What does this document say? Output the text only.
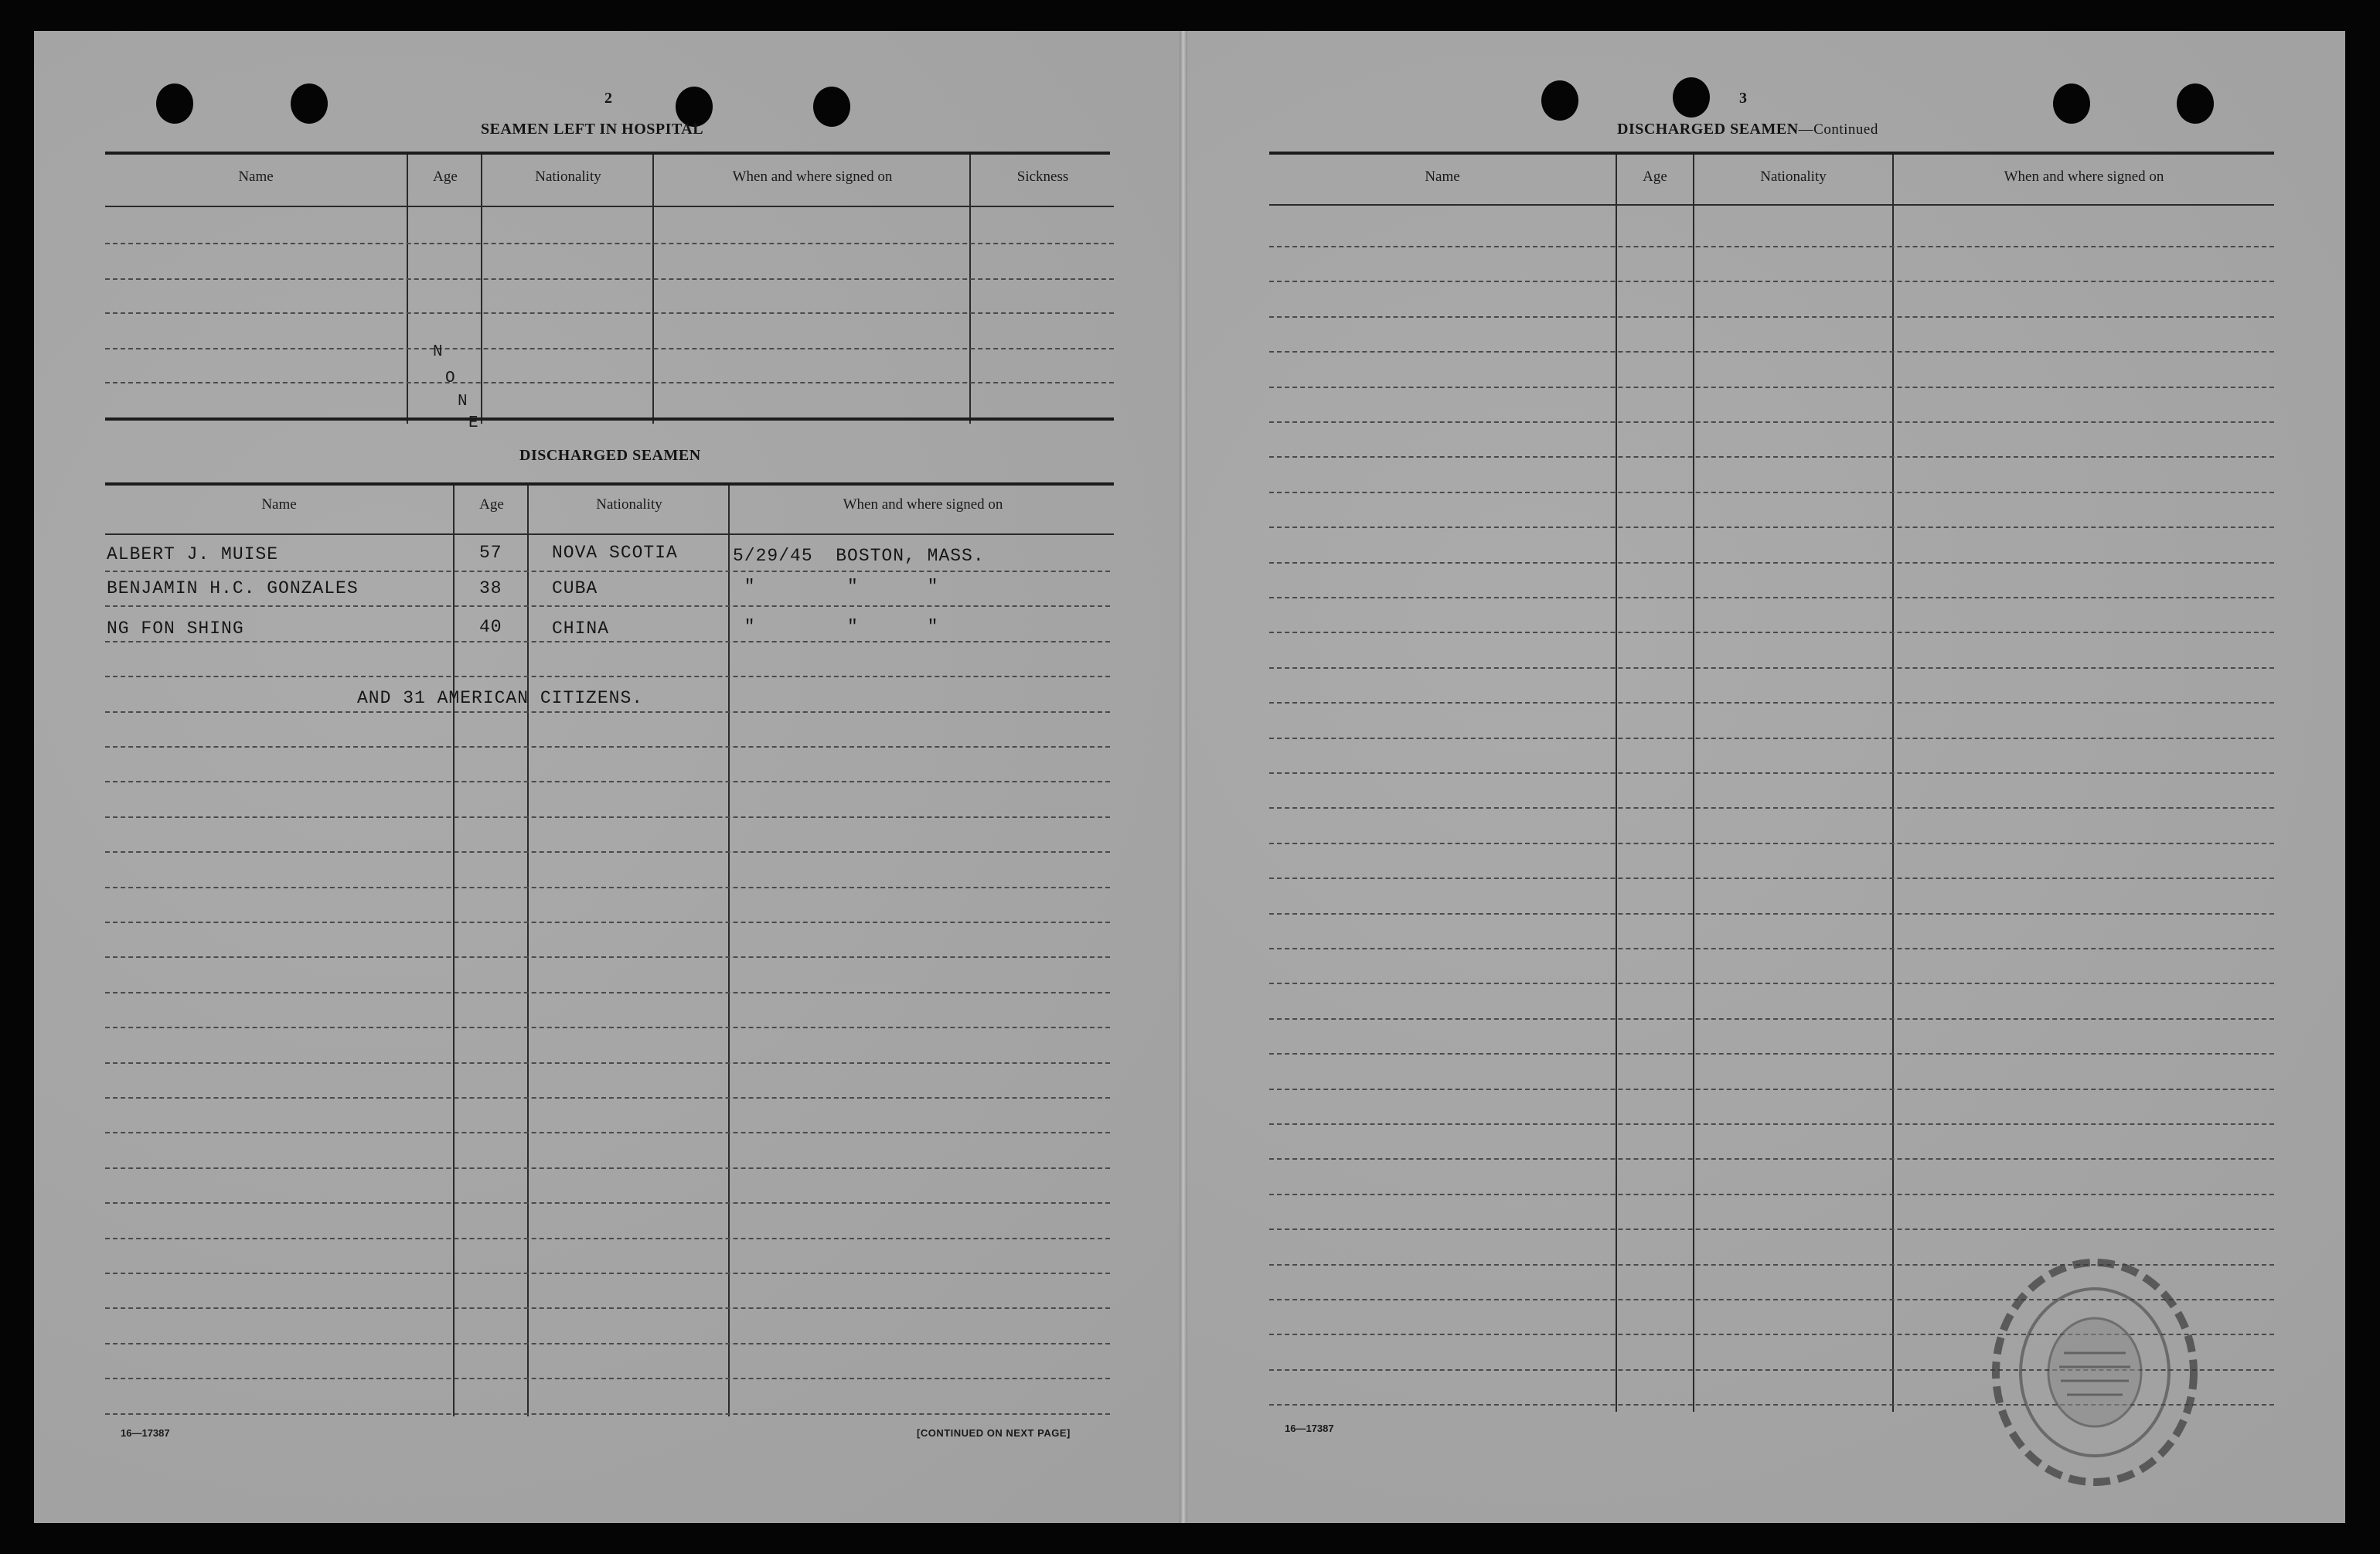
2
SEAMEN LEFT IN HOSPITAL
Name	Age	Nationality	When and where signed on	Sickness
N
O
N
E
DISCHARGED SEAMEN
Name	Age	Nationality	When and where signed on
ALBERT J. MUISE	57	NOVA SCOTIA	5/29/45  BOSTON, MASS.
BENJAMIN H.C. GONZALES	38	CUBA	"        "      "
NG FON SHING	40	CHINA	"        "      "
AND 31 AMERICAN CITIZENS.
16—17387	[CONTINUED ON NEXT PAGE]
3
DISCHARGED SEAMEN—Continued
Name	Age	Nationality	When and where signed on
16—17387
